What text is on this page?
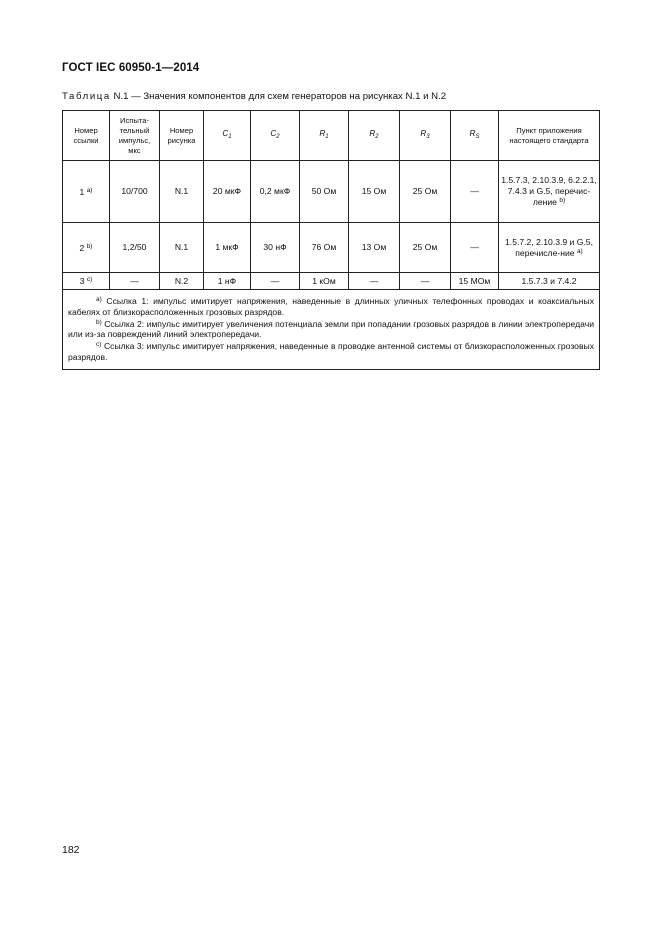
ГОСТ IEC 60950-1—2014
Таблица N.1 — Значения компонентов для схем генераторов на рисунках N.1 и N.2
Номер ссылки	Испыта-тельный импульс, мкс	Номер рисунка	$C_1$	$C_2$	$R_1$	$R_2$	$R_3$	$R_S$	Пункт приложения настоящего стандарта
1 $^{a)}$	10/700	N.1	20 мкФ	0,2 мкФ	50 Ом	15 Ом	25 Ом	—	1.5.7.3, 2.10.3.9, 6.2.2.1, 7.4.3 и G.5, перечис-ление $^{b)}$
2 $^{b)}$	1,2/50	N.1	1 мкФ	30 нФ	76 Ом	13 Ом	25 Ом	—	1.5.7.2, 2.10.3.9 и G.5, перечисле-ние $^{a)}$
3 $^{c)}$	—	N.2	1 нФ	—	1 кОм	—	—	15 МОм	1.5.7.3 и 7.4.2

$^{a)}$ Ссылка 1: импульс имитирует напряжения, наведенные в длинных уличных телефонных проводах и коаксиальных кабелях от близкорасположенных грозовых разрядов.
$^{b)}$ Ссылка 2: импульс имитирует увеличения потенциала земли при попадании грозовых разрядов в линии электропередачи или из-за повреждений линий электропередачи.
$^{c)}$ Ссылка 3: импульс имитирует напряжения, наведенные в проводке антенной системы от близкорасположенных грозовых разрядов.									
182
